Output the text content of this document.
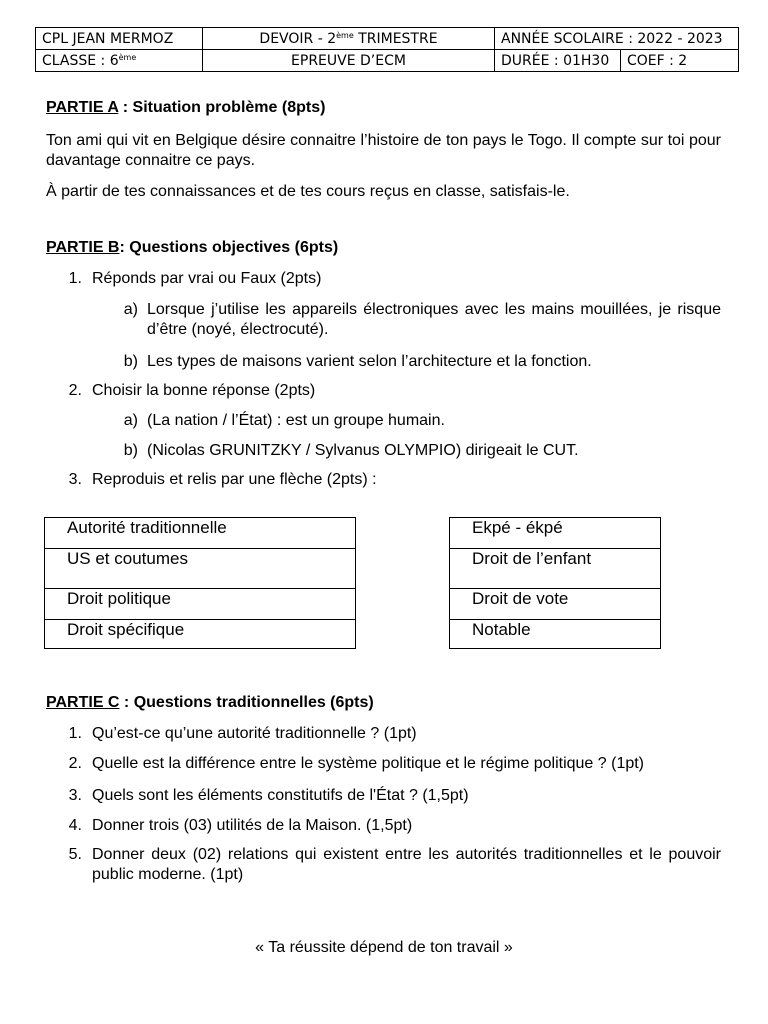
CPL JEAN MERMOZ	DEVOIR - 2ème TRIMESTRE	ANNÉE SCOLAIRE : 2022 - 2023	
CLASSE : 6ème	EPREUVE D’ECM	DURÉE : 01H30	COEF : 2
PARTIE A : Situation problème (8pts)
Ton ami qui vit en Belgique désire connaitre l’histoire de ton pays le Togo. Il compte sur toi pour davantage connaitre ce pays.
À partir de tes connaissances et de tes cours reçus en classe, satisfais-le.
PARTIE B: Questions objectives (6pts)
1. Réponds par vrai ou Faux (2pts)
a) Lorsque j’utilise les appareils électroniques avec les mains mouillées, je risque d’être (noyé, électrocuté).
b) Les types de maisons varient selon l’architecture et la fonction.
2. Choisir la bonne réponse (2pts)
a) (La nation / l’État) : est un groupe humain.
b) (Nicolas GRUNITZKY / Sylvanus OLYMPIO) dirigeait le CUT.
3. Reproduis et relis par une flèche (2pts) :
Autorité traditionnelle
US et coutumes
Droit politique
Droit spécifique
Ekpé - ékpé
Droit de l’enfant
Droit de vote
Notable
PARTIE C : Questions traditionnelles (6pts)
1. Qu’est-ce qu’une autorité traditionnelle ? (1pt)
2. Quelle est la différence entre le système politique et le régime politique ? (1pt)
3. Quels sont les éléments constitutifs de l'État ? (1,5pt)
4. Donner trois (03) utilités de la Maison. (1,5pt)
5. Donner deux (02) relations qui existent entre les autorités traditionnelles et le pouvoir public moderne. (1pt)
« Ta réussite dépend de ton travail »
